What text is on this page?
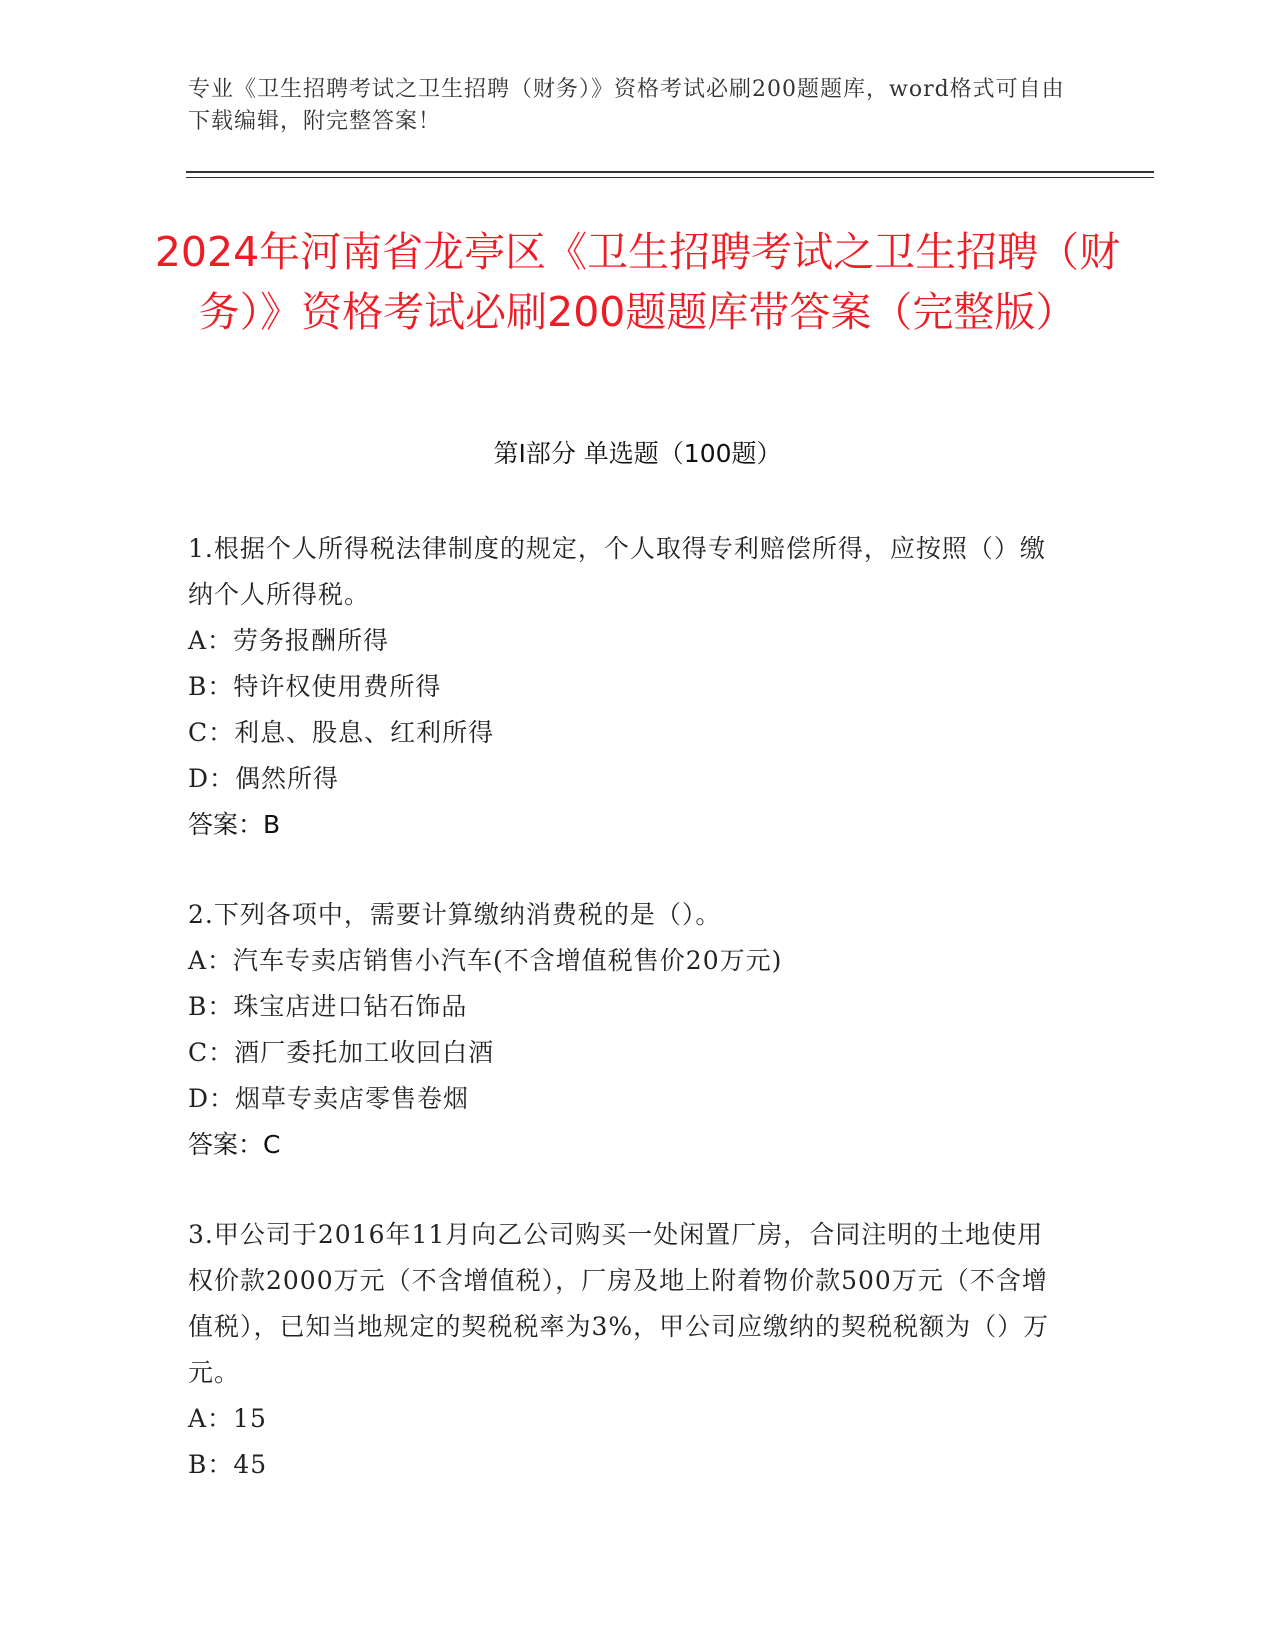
专业《卫生招聘考试之卫生招聘（财务）》资格考试必刷200题题库，word格式可自由下载编辑，附完整答案！
2024年河南省龙亭区《卫生招聘考试之卫生招聘（财务）》资格考试必刷200题题库带答案（完整版）
第I部分 单选题（100题）
1.根据个人所得税法律制度的规定，个人取得专利赔偿所得，应按照（）缴纳个人所得税。
A：劳务报酬所得
B：特许权使用费所得
C：利息、股息、红利所得
D：偶然所得
答案：B
2.下列各项中，需要计算缴纳消费税的是（）。
A：汽车专卖店销售小汽车(不含增值税售价20万元)
B：珠宝店进口钻石饰品
C：酒厂委托加工收回白酒
D：烟草专卖店零售卷烟
答案：C
3.甲公司于2016年11月向乙公司购买一处闲置厂房，合同注明的土地使用权价款2000万元（不含增值税），厂房及地上附着物价款500万元（不含增值税），已知当地规定的契税税率为3%，甲公司应缴纳的契税税额为（）万元。
A：15
B：45
